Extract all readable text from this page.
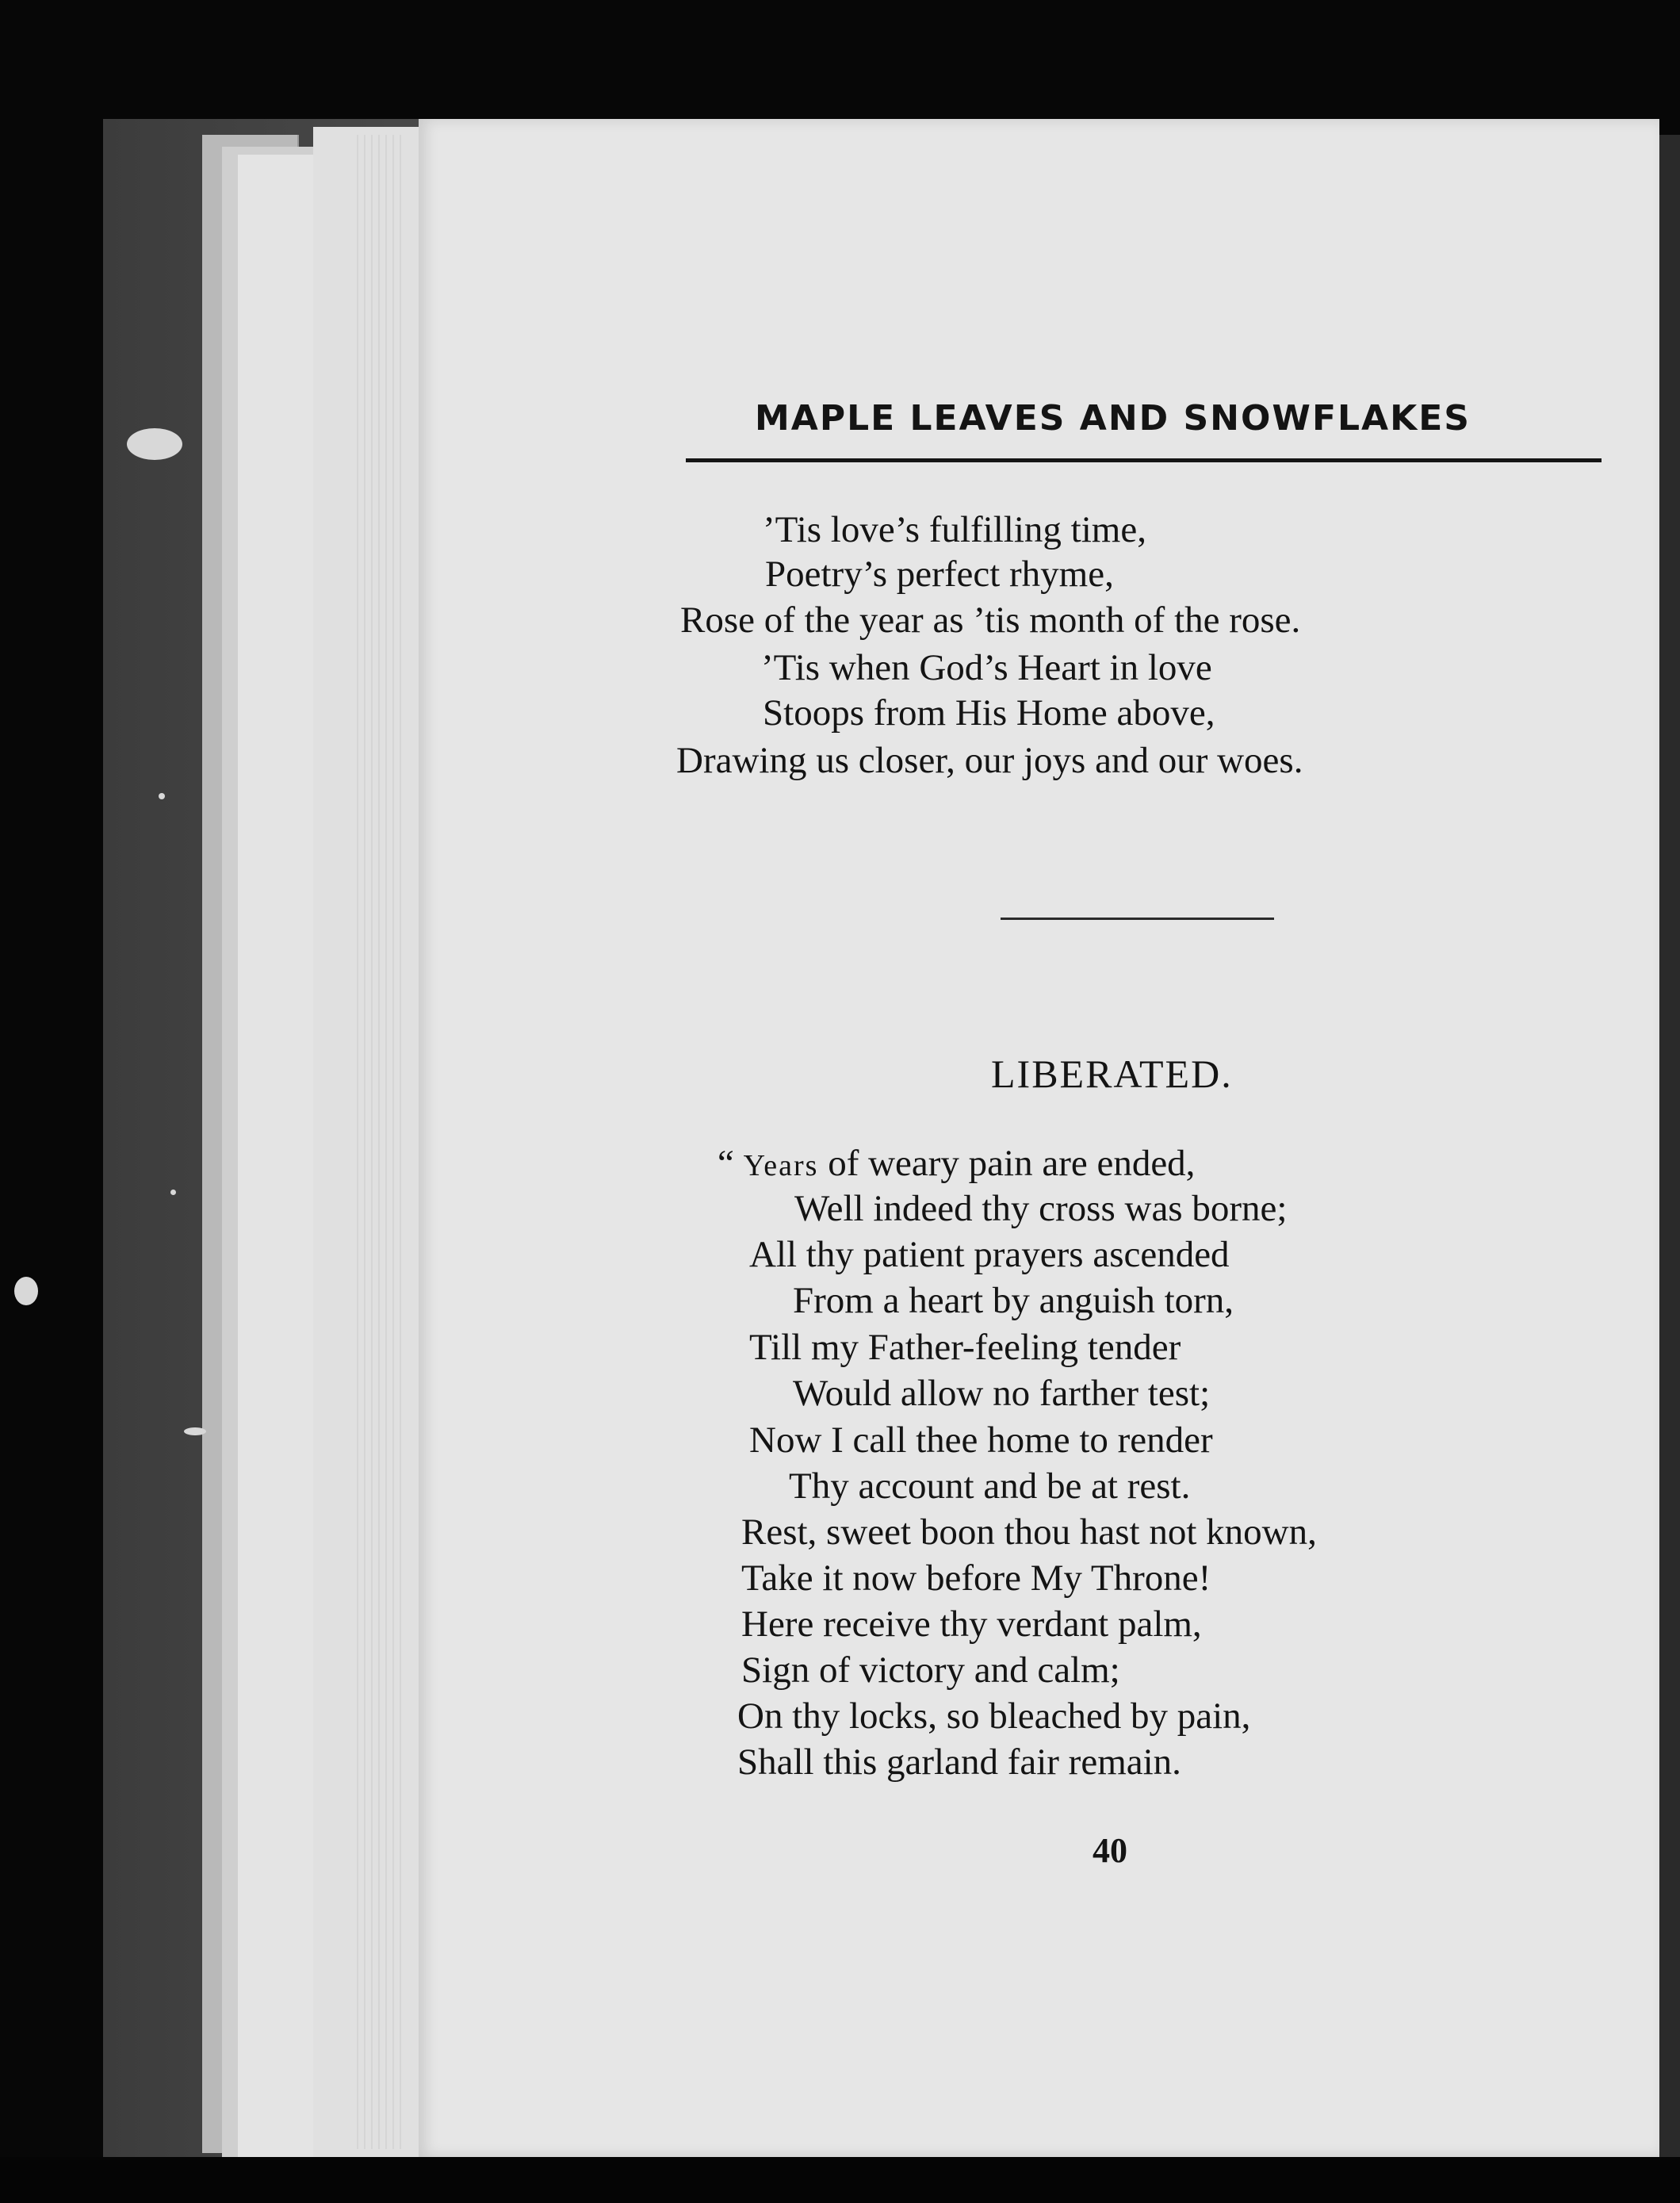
MAPLE LEAVES AND SNOWFLAKES
’Tis love’s fulfilling time,
Poetry’s perfect rhyme,
Rose of the year as ’tis month of the rose.
’Tis when God’s Heart in love
Stoops from His Home above,
Drawing us closer, our joys and our woes.
LIBERATED.
“ Years of weary pain are ended,
Well indeed thy cross was borne;
All thy patient prayers ascended
From a heart by anguish torn,
Till my Father-feeling tender
Would allow no farther test;
Now I call thee home to render
Thy account and be at rest.
Rest, sweet boon thou hast not known,
Take it now before My Throne!
Here receive thy verdant palm,
Sign of victory and calm;
On thy locks, so bleached by pain,
Shall this garland fair remain.
40
